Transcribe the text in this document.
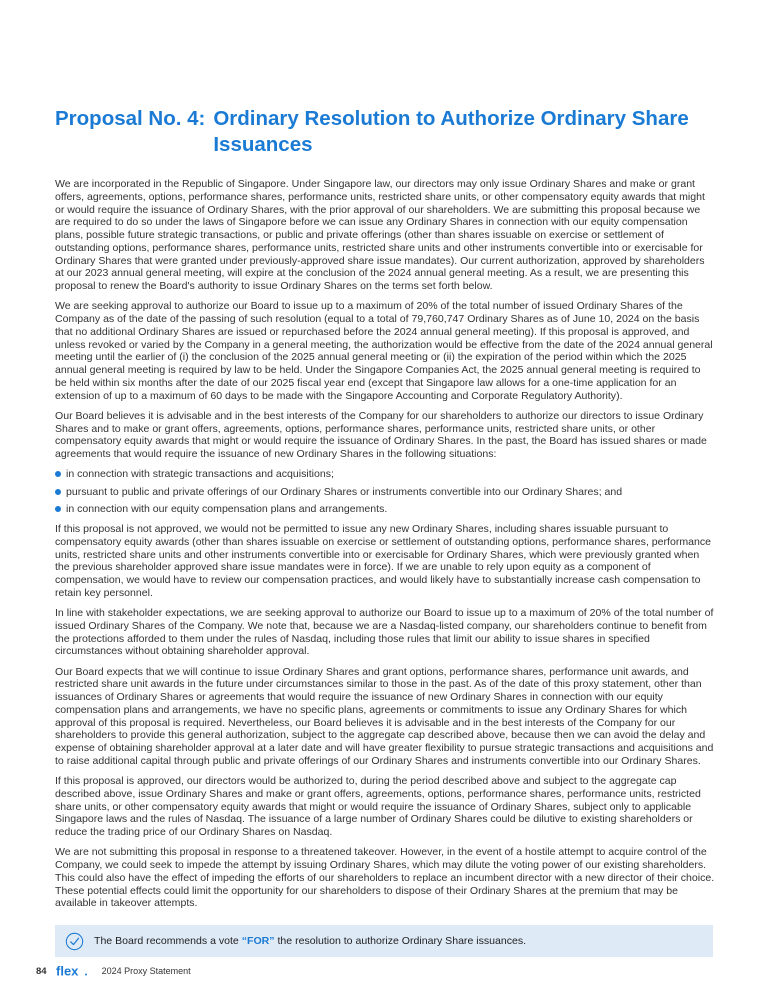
Proposal No. 4: Ordinary Resolution to Authorize Ordinary Share Issuances

We are incorporated in the Republic of Singapore. Under Singapore law, our directors may only issue Ordinary Shares and make or grant offers, agreements, options, performance shares, performance units, restricted share units, or other compensatory equity awards that might or would require the issuance of Ordinary Shares, with the prior approval of our shareholders. We are submitting this proposal because we are required to do so under the laws of Singapore before we can issue any Ordinary Shares in connection with our equity compensation plans, possible future strategic transactions, or public and private offerings (other than shares issuable on exercise or settlement of outstanding options, performance shares, performance units, restricted share units and other instruments convertible into or exercisable for Ordinary Shares that were granted under previously-approved share issue mandates). Our current authorization, approved by shareholders at our 2023 annual general meeting, will expire at the conclusion of the 2024 annual general meeting. As a result, we are presenting this proposal to renew the Board's authority to issue Ordinary Shares on the terms set forth below.

We are seeking approval to authorize our Board to issue up to a maximum of 20% of the total number of issued Ordinary Shares of the Company as of the date of the passing of such resolution (equal to a total of 79,760,747 Ordinary Shares as of June 10, 2024 on the basis that no additional Ordinary Shares are issued or repurchased before the 2024 annual general meeting). If this proposal is approved, and unless revoked or varied by the Company in a general meeting, the authorization would be effective from the date of the 2024 annual general meeting until the earlier of (i) the conclusion of the 2025 annual general meeting or (ii) the expiration of the period within which the 2025 annual general meeting is required by law to be held. Under the Singapore Companies Act, the 2025 annual general meeting is required to be held within six months after the date of our 2025 fiscal year end (except that Singapore law allows for a one-time application for an extension of up to a maximum of 60 days to be made with the Singapore Accounting and Corporate Regulatory Authority).

Our Board believes it is advisable and in the best interests of the Company for our shareholders to authorize our directors to issue Ordinary Shares and to make or grant offers, agreements, options, performance shares, performance units, restricted share units, or other compensatory equity awards that might or would require the issuance of Ordinary Shares. In the past, the Board has issued shares or made agreements that would require the issuance of new Ordinary Shares in the following situations:

in connection with strategic transactions and acquisitions;
pursuant to public and private offerings of our Ordinary Shares or instruments convertible into our Ordinary Shares; and
in connection with our equity compensation plans and arrangements.

If this proposal is not approved, we would not be permitted to issue any new Ordinary Shares, including shares issuable pursuant to compensatory equity awards (other than shares issuable on exercise or settlement of outstanding options, performance shares, performance units, restricted share units and other instruments convertible into or exercisable for Ordinary Shares, which were previously granted when the previous shareholder approved share issue mandates were in force). If we are unable to rely upon equity as a component of compensation, we would have to review our compensation practices, and would likely have to substantially increase cash compensation to retain key personnel.

In line with stakeholder expectations, we are seeking approval to authorize our Board to issue up to a maximum of 20% of the total number of issued Ordinary Shares of the Company. We note that, because we are a Nasdaq-listed company, our shareholders continue to benefit from the protections afforded to them under the rules of Nasdaq, including those rules that limit our ability to issue shares in specified circumstances without obtaining shareholder approval.

Our Board expects that we will continue to issue Ordinary Shares and grant options, performance shares, performance unit awards, and restricted share unit awards in the future under circumstances similar to those in the past. As of the date of this proxy statement, other than issuances of Ordinary Shares or agreements that would require the issuance of new Ordinary Shares in connection with our equity compensation plans and arrangements, we have no specific plans, agreements or commitments to issue any Ordinary Shares for which approval of this proposal is required. Nevertheless, our Board believes it is advisable and in the best interests of the Company for our shareholders to provide this general authorization, subject to the aggregate cap described above, because then we can avoid the delay and expense of obtaining shareholder approval at a later date and will have greater flexibility to pursue strategic transactions and acquisitions and to raise additional capital through public and private offerings of our Ordinary Shares and instruments convertible into our Ordinary Shares.

If this proposal is approved, our directors would be authorized to, during the period described above and subject to the aggregate cap described above, issue Ordinary Shares and make or grant offers, agreements, options, performance shares, performance units, restricted share units, or other compensatory equity awards that might or would require the issuance of Ordinary Shares, subject only to applicable Singapore laws and the rules of Nasdaq. The issuance of a large number of Ordinary Shares could be dilutive to existing shareholders or reduce the trading price of our Ordinary Shares on Nasdaq.

We are not submitting this proposal in response to a threatened takeover. However, in the event of a hostile attempt to acquire control of the Company, we could seek to impede the attempt by issuing Ordinary Shares, which may dilute the voting power of our existing shareholders. This could also have the effect of impeding the efforts of our shareholders to replace an incumbent director with a new director of their choice. These potential effects could limit the opportunity for our shareholders to dispose of their Ordinary Shares at the premium that may be available in takeover attempts.

The Board recommends a vote “FOR” the resolution to authorize Ordinary Share issuances.
84 flex	2024 Proxy Statement
